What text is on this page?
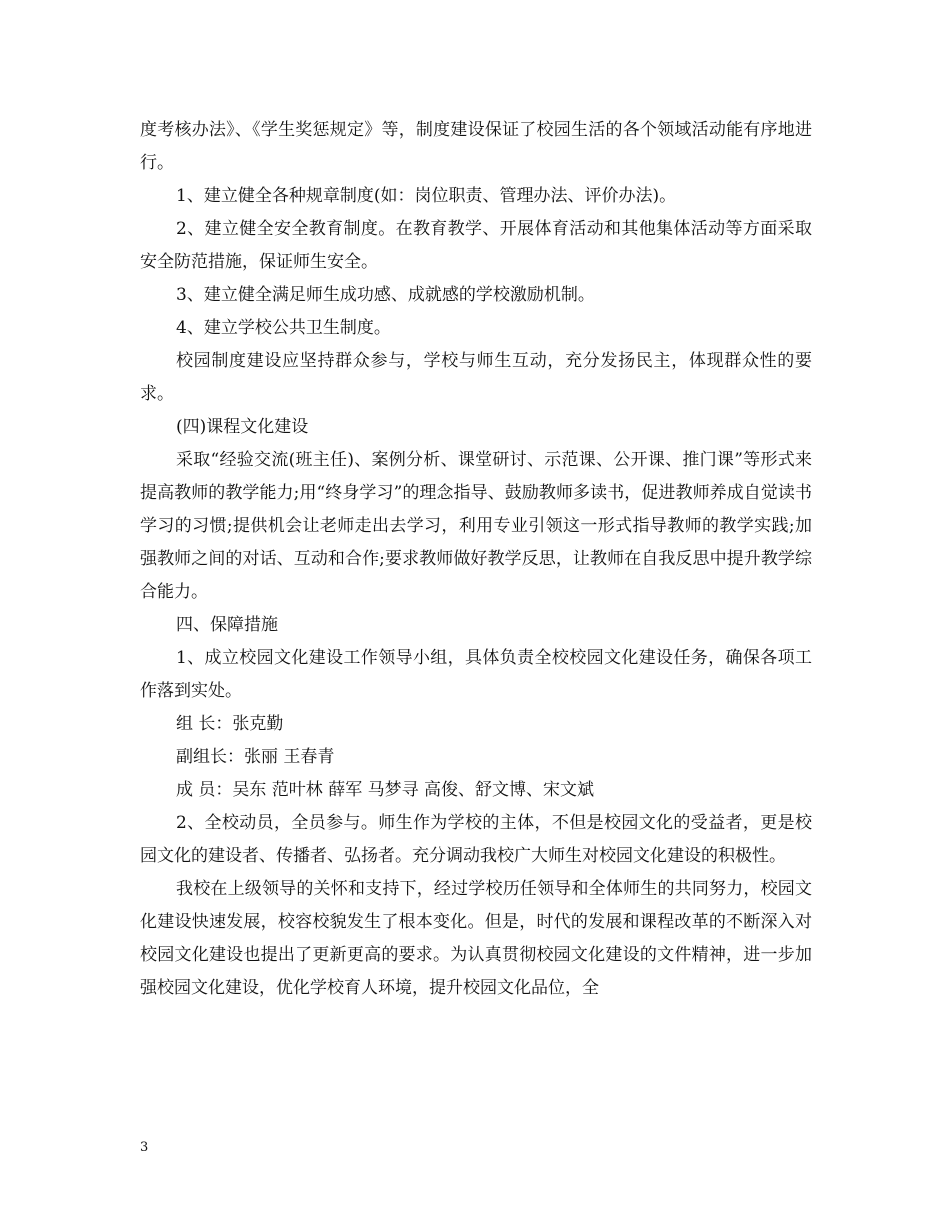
度考核办法》、《学生奖惩规定》等，制度建设保证了校园生活的各个领域活动能有序地进行。

1、建立健全各种规章制度(如：岗位职责、管理办法、评价办法)。

2、建立健全安全教育制度。在教育教学、开展体育活动和其他集体活动等方面采取安全防范措施，保证师生安全。

3、建立健全满足师生成功感、成就感的学校激励机制。

4、建立学校公共卫生制度。

校园制度建设应坚持群众参与，学校与师生互动，充分发扬民主，体现群众性的要求。

(四)课程文化建设

采取“经验交流(班主任)、案例分析、课堂研讨、示范课、公开课、推门课”等形式来提高教师的教学能力;用“终身学习”的理念指导、鼓励教师多读书，促进教师养成自觉读书学习的习惯;提供机会让老师走出去学习，利用专业引领这一形式指导教师的教学实践;加强教师之间的对话、互动和合作;要求教师做好教学反思，让教师在自我反思中提升教学综合能力。

四、保障措施

1、成立校园文化建设工作领导小组，具体负责全校校园文化建设任务，确保各项工作落到实处。

组 长：张克勤

副组长：张丽 王春青

成 员：吴东 范叶林 薛军 马梦寻 高俊、舒文博、宋文斌

2、全校动员，全员参与。师生作为学校的主体，不但是校园文化的受益者，更是校园文化的建设者、传播者、弘扬者。充分调动我校广大师生对校园文化建设的积极性。

我校在上级领导的关怀和支持下，经过学校历任领导和全体师生的共同努力，校园文化建设快速发展，校容校貌发生了根本变化。但是，时代的发展和课程改革的不断深入对校园文化建设也提出了更新更高的要求。为认真贯彻校园文化建设的文件精神，进一步加强校园文化建设，优化学校育人环境，提升校园文化品位，全

3
